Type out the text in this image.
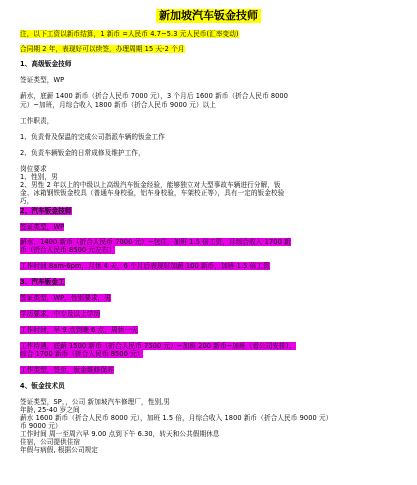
新加坡汽车钣金技师

注，以下工资以新币结算，1 新币 =人民币 4.7~5.3 元人民币(汇率变动)

合同期 2 年，表现好可以续签，办理周期 15 天-2 个月

1、高级钣金技师

签证类型，WP

薪水，底薪 1400 新币（折合人民币 7000 元），3 个月后 1600 新币（折合人民币 8000

元）~加班，月综合收入 1800 新币（折合人民币 9000 元）以上

工作职责，

1、负责骨及保温的完成公司指派车辆的钣金工作

2、负责车辆钣金的日常成修及维护工作，

岗位要求

1、性别，男

2、男性 2 年以上的中级以上高级汽车钣金经验，能够独立对大型事故车辆进行分解，钣

金、冰箱钢铁钣金校具（普通车身校验，铝车身校验，车架校正等），具有一定的钣金校验

巧，

2、汽车钣金技师

签证类型，WP

薪水，1400 新币（折合人民币 7000 元）~包住，加班 1.5 倍工资，月综合收入 1700 新

币（折合人民币 8500 元左右）

工作时间 8am-6pm，月休 4 天，6 个月后表现好加薪 100 新币，加班 1.5 倍工资

3、汽车钣金工

签证类型，WP，性别要求，男

学历要求，中专及以上学历

工作时间，早 9 点到晚 6 点，周休一天

工作待遇，底薪 1500 新币（折合人民币 7500 元）~加班 200 新币~加班（看公司安排），

综合 1700 新币（折合人民币 8500 元）

工作类型，签至，钣金维修保养

4、钣金技术员

签证类型，SP，，公司 新加坡汽车修理厂，性别,男

年龄, 25-40 岁之间

薪水 1600 新币（折合人民币 8000 元），加班 1.5 倍，月综合收入 1800 新币（折合人民币 9000 元）

币 9000 元）

工作时间 周一至周六早 9.00 点到下午 6.30，转天和公共假期休息

住宿，公司提供住宿

年假与病假, 根据公司规定
